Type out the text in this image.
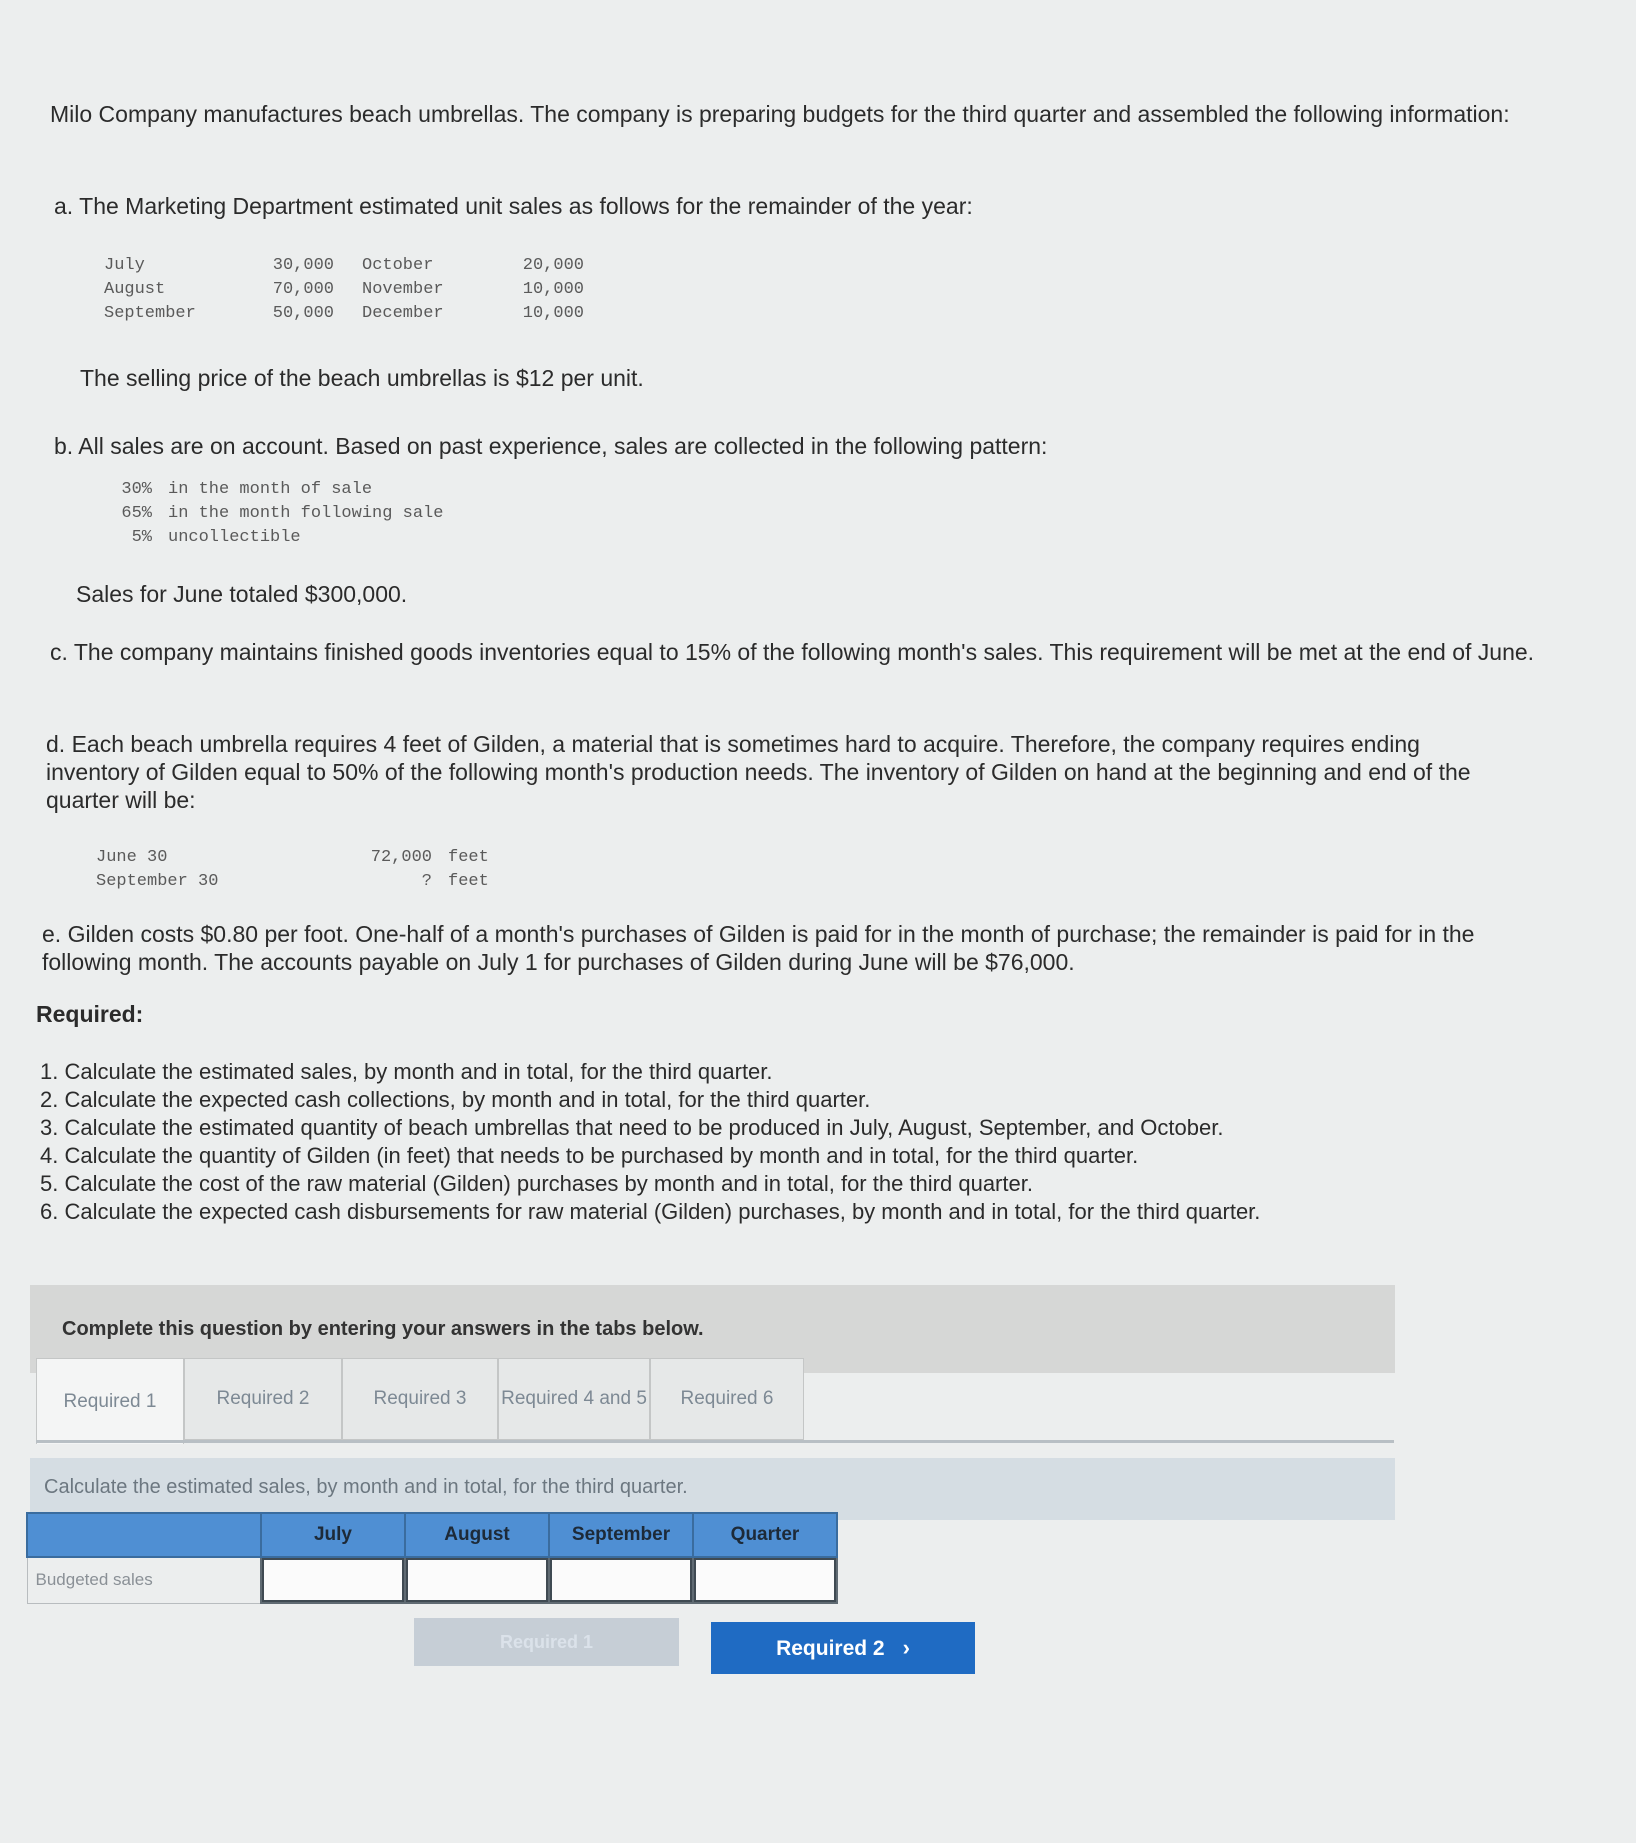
Milo Company manufactures beach umbrellas. The company is preparing budgets for the third quarter and assembled the following information:
a. The Marketing Department estimated unit sales as follows for the remainder of the year:
July	30,000 October	20,000
August	70,000 November	10,000
September	50,000 December	10,000
The selling price of the beach umbrellas is $12 per unit.
b. All sales are on account. Based on past experience, sales are collected in the following pattern:
30% in the month of sale
65% in the month following sale
5% uncollectible
Sales for June totaled $300,000.
c. The company maintains finished goods inventories equal to 15% of the following month's sales. This requirement will be met at the end of June.
d. Each beach umbrella requires 4 feet of Gilden, a material that is sometimes hard to acquire. Therefore, the company requires ending inventory of Gilden equal to 50% of the following month's production needs. The inventory of Gilden on hand at the beginning and end of the quarter will be:
June 30	72,000 feet
September 30	? feet
e. Gilden costs $0.80 per foot. One-half of a month's purchases of Gilden is paid for in the month of purchase; the remainder is paid for in the following month. The accounts payable on July 1 for purchases of Gilden during June will be $76,000.
Required:
1. Calculate the estimated sales, by month and in total, for the third quarter.
2. Calculate the expected cash collections, by month and in total, for the third quarter.
3. Calculate the estimated quantity of beach umbrellas that need to be produced in July, August, September, and October.
4. Calculate the quantity of Gilden (in feet) that needs to be purchased by month and in total, for the third quarter.
5. Calculate the cost of the raw material (Gilden) purchases by month and in total, for the third quarter.
6. Calculate the expected cash disbursements for raw material (Gilden) purchases, by month and in total, for the third quarter.
Complete this question by entering your answers in the tabs below.
Required 1	Required 2	Required 3	Required 4 and 5	Required 6
Calculate the estimated sales, by month and in total, for the third quarter.
	July	August	September	Quarter
Budgeted sales				
Required 1	Required 2 ›
